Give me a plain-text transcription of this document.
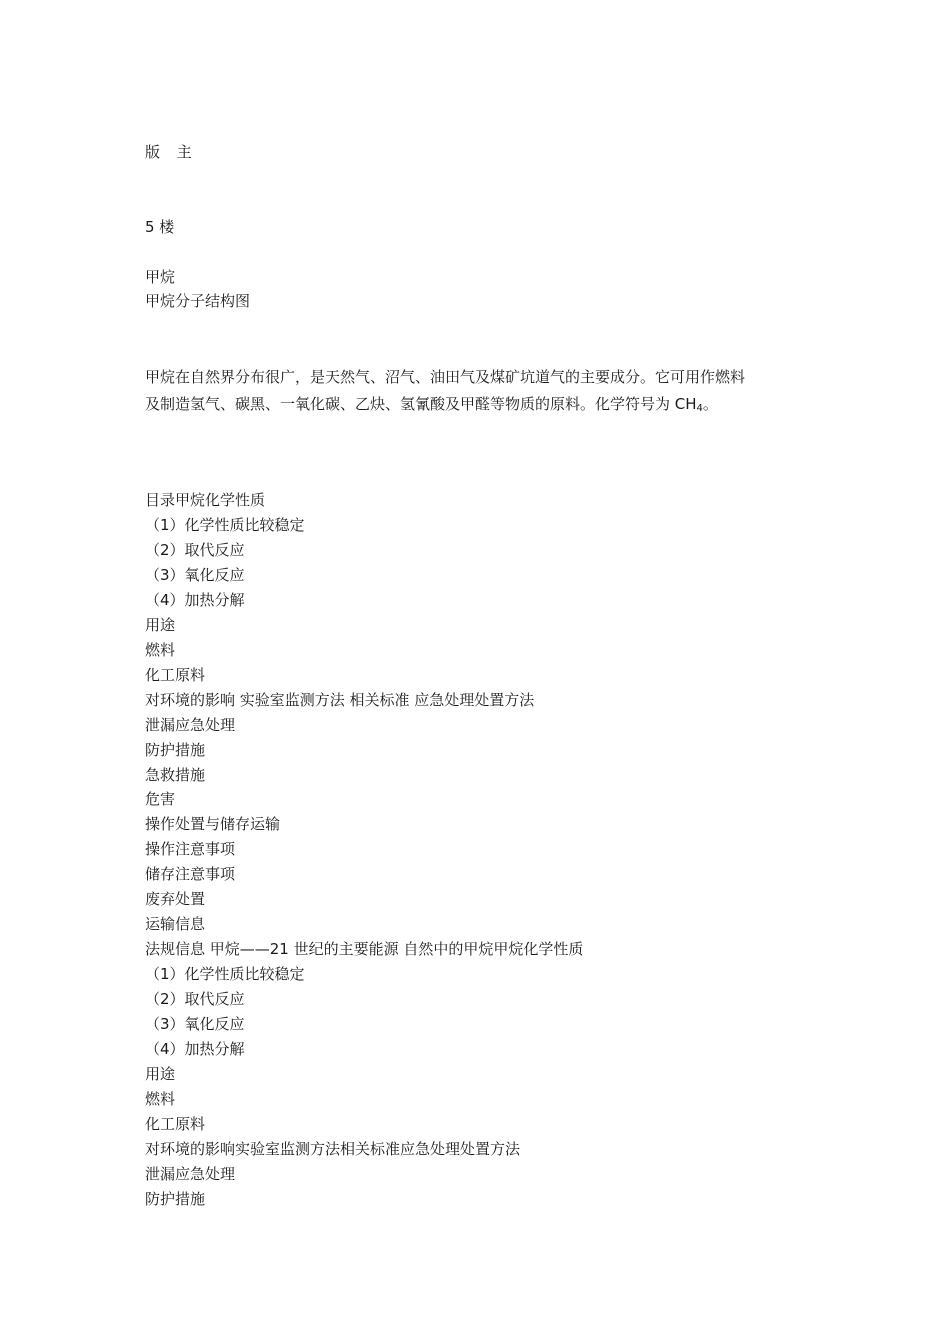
版 主
5 楼
甲烷
甲烷分子结构图
甲烷在自然界分布很广，是天然气、沼气、油田气及煤矿坑道气的主要成分。它可用作燃料
及制造氢气、碳黑、一氧化碳、乙炔、氢氰酸及甲醛等物质的原料。化学符号为 $CH_4$。
目录甲烷化学性质
（1）化学性质比较稳定
（2）取代反应
（3）氧化反应
（4）加热分解
用途
燃料
化工原料
对环境的影响 实验室监测方法 相关标准 应急处理处置方法
泄漏应急处理
防护措施
急救措施
危害
操作处置与储存运输
操作注意事项
储存注意事项
废弃处置
运输信息
法规信息 甲烷——21 世纪的主要能源 自然中的甲烷甲烷化学性质
（1）化学性质比较稳定
（2）取代反应
（3）氧化反应
（4）加热分解
用途
燃料
化工原料
对环境的影响实验室监测方法相关标准应急处理处置方法
泄漏应急处理
防护措施
